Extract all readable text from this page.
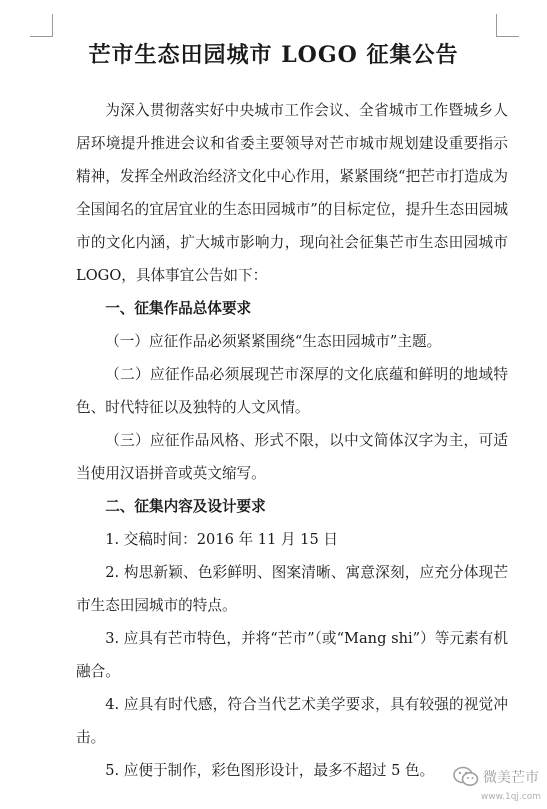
芒市生态田园城市 LOGO 征集公告

为深入贯彻落实好中央城市工作会议、全省城市工作暨城乡人居环境提升推进会议和省委主要领导对芒市城市规划建设重要指示精神，发挥全州政治经济文化中心作用，紧紧围绕“把芒市打造成为全国闻名的宜居宜业的生态田园城市”的目标定位，提升生态田园城市的文化内涵，扩大城市影响力，现向社会征集芒市生态田园城市 LOGO，具体事宜公告如下：

一、征集作品总体要求

（一）应征作品必须紧紧围绕“生态田园城市”主题。

（二）应征作品必须展现芒市深厚的文化底蕴和鲜明的地域特色、时代特征以及独特的人文风情。

（三）应征作品风格、形式不限，以中文简体汉字为主，可适当使用汉语拼音或英文缩写。

二、征集内容及设计要求

1. 交稿时间：2016 年 11 月 15 日

2. 构思新颖、色彩鲜明、图案清晰、寓意深刻，应充分体现芒市生态田园城市的特点。

3. 应具有芒市特色，并将“芒市”（或“Mang shi”）等元素有机融合。

4. 应具有时代感，符合当代艺术美学要求，具有较强的视觉冲击。

5. 应便于制作，彩色图形设计，最多不超过 5 色。	微美芒市
www.1qj.com
